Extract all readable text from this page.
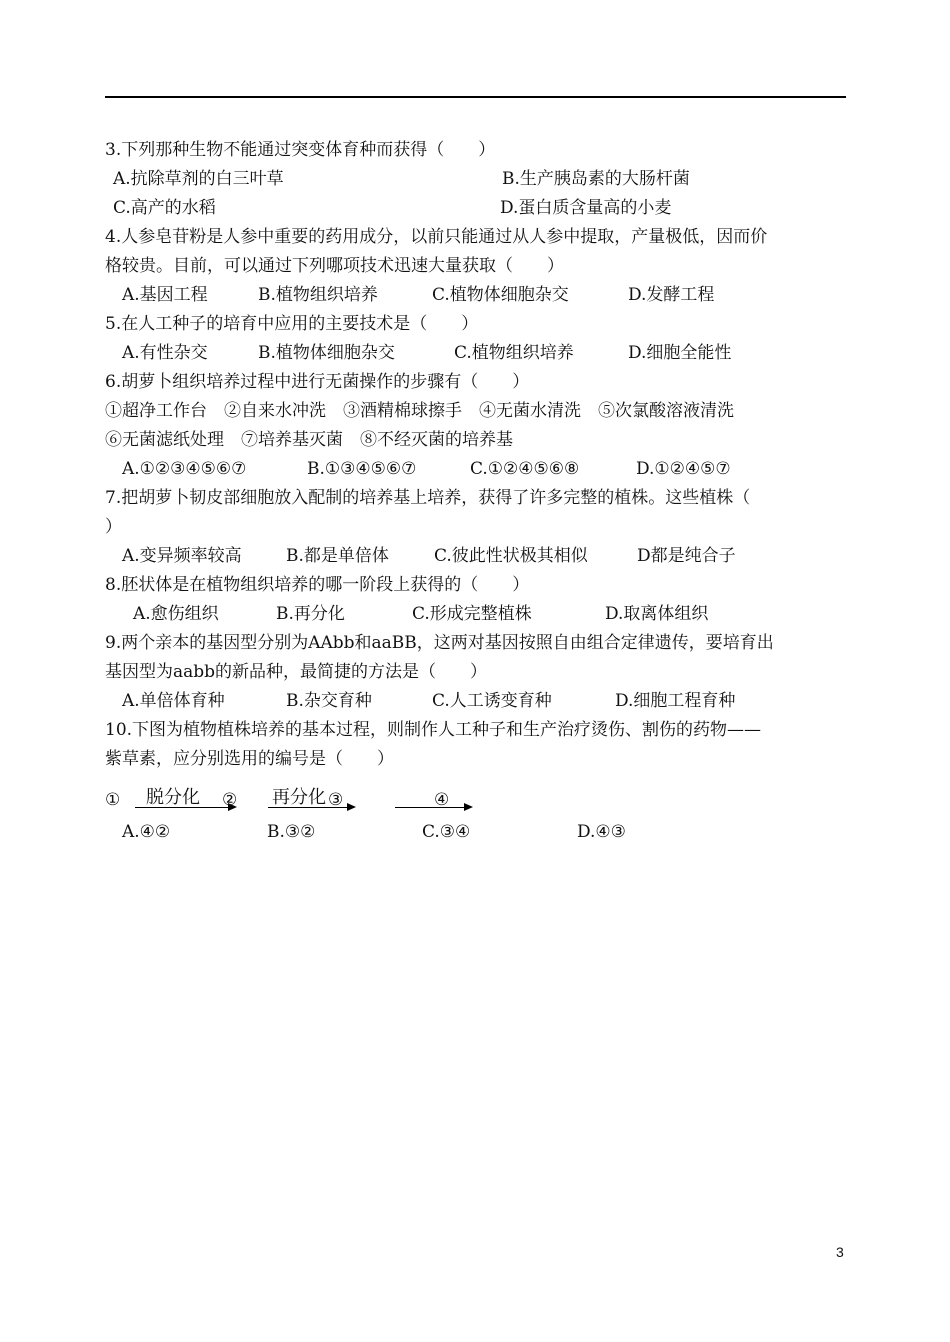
3.下列那种生物不能通过突变体育种而获得（　　）
A.抗除草剂的白三叶草	B.生产胰岛素的大肠杆菌
C.高产的水稻	D.蛋白质含量高的小麦
4.人参皂苷粉是人参中重要的药用成分，以前只能通过从人参中提取，产量极低，因而价
格较贵。目前，可以通过下列哪项技术迅速大量获取（　　）
A.基因工程	B.植物组织培养	C.植物体细胞杂交	D.发酵工程
5.在人工种子的培育中应用的主要技术是（　　）
A.有性杂交	B.植物体细胞杂交	C.植物组织培养	D.细胞全能性
6.胡萝卜组织培养过程中进行无菌操作的步骤有（　　）
①超净工作台　②自来水冲洗　③酒精棉球擦手　④无菌水清洗　⑤次氯酸溶液清洗
⑥无菌滤纸处理　⑦培养基灭菌　⑧不经灭菌的培养基
A.①②③④⑤⑥⑦	B.①③④⑤⑥⑦	C.①②④⑤⑥⑧	D.①②④⑤⑦
7.把胡萝卜韧皮部细胞放入配制的培养基上培养，获得了许多完整的植株。这些植株（
）
A.变异频率较高	B.都是单倍体	C.彼此性状极其相似	D都是纯合子
8.胚状体是在植物组织培养的哪一阶段上获得的（　　）
A.愈伤组织	B.再分化	C.形成完整植株	D.取离体组织
9.两个亲本的基因型分别为AAbb和aaBB，这两对基因按照自由组合定律遗传，要培育出
基因型为aabb的新品种，最简捷的方法是（　　）
A.单倍体育种	B.杂交育种	C.人工诱变育种	D.细胞工程育种
10.下图为植物植株培养的基本过程，则制作人工种子和生产治疗烫伤、割伤的药物——
紫草素，应分别选用的编号是（　　）
① 脱分化 ② 再分化 ③	④
A.④②	B.③②	C.③④	D.④③
3
